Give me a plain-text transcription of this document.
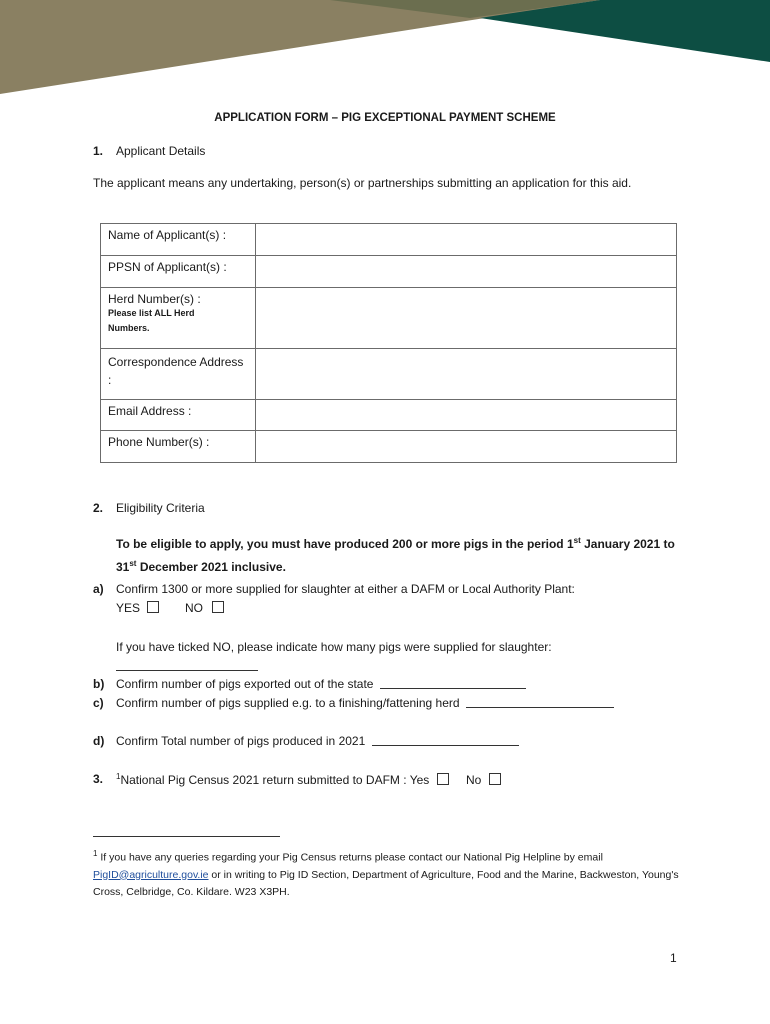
APPLICATION FORM – PIG EXCEPTIONAL PAYMENT SCHEME
1. Applicant Details
The applicant means any undertaking, person(s) or partnerships submitting an application for this aid.
Name of Applicant(s) :	
PPSN of Applicant(s) :	

Herd Number(s) :
Please list ALL Herd Numbers.	

Correspondence Address :	
Email Address :	
Phone Number(s) :	
2. Eligibility Criteria
To be eligible to apply, you must have produced 200 or more pigs in the period 1st January 2021 to 31st December 2021 inclusive.
a) Confirm 1300 or more supplied for slaughter at either a DAFM or Local Authority Plant:
YES	NO
If you have ticked NO, please indicate how many pigs were supplied for slaughter:
b) Confirm number of pigs exported out of the state
c) Confirm number of pigs supplied e.g. to a finishing/fattening herd
d) Confirm Total number of pigs produced in 2021
3. $^1$National Pig Census 2021 return submitted to DAFM : Yes	No
$^1$ If you have any queries regarding your Pig Census returns please contact our National Pig Helpline by email PigID@agriculture.gov.ie or in writing to Pig ID Section, Department of Agriculture, Food and the Marine, Backweston, Young's Cross, Celbridge, Co. Kildare. W23 X3PH.
1
